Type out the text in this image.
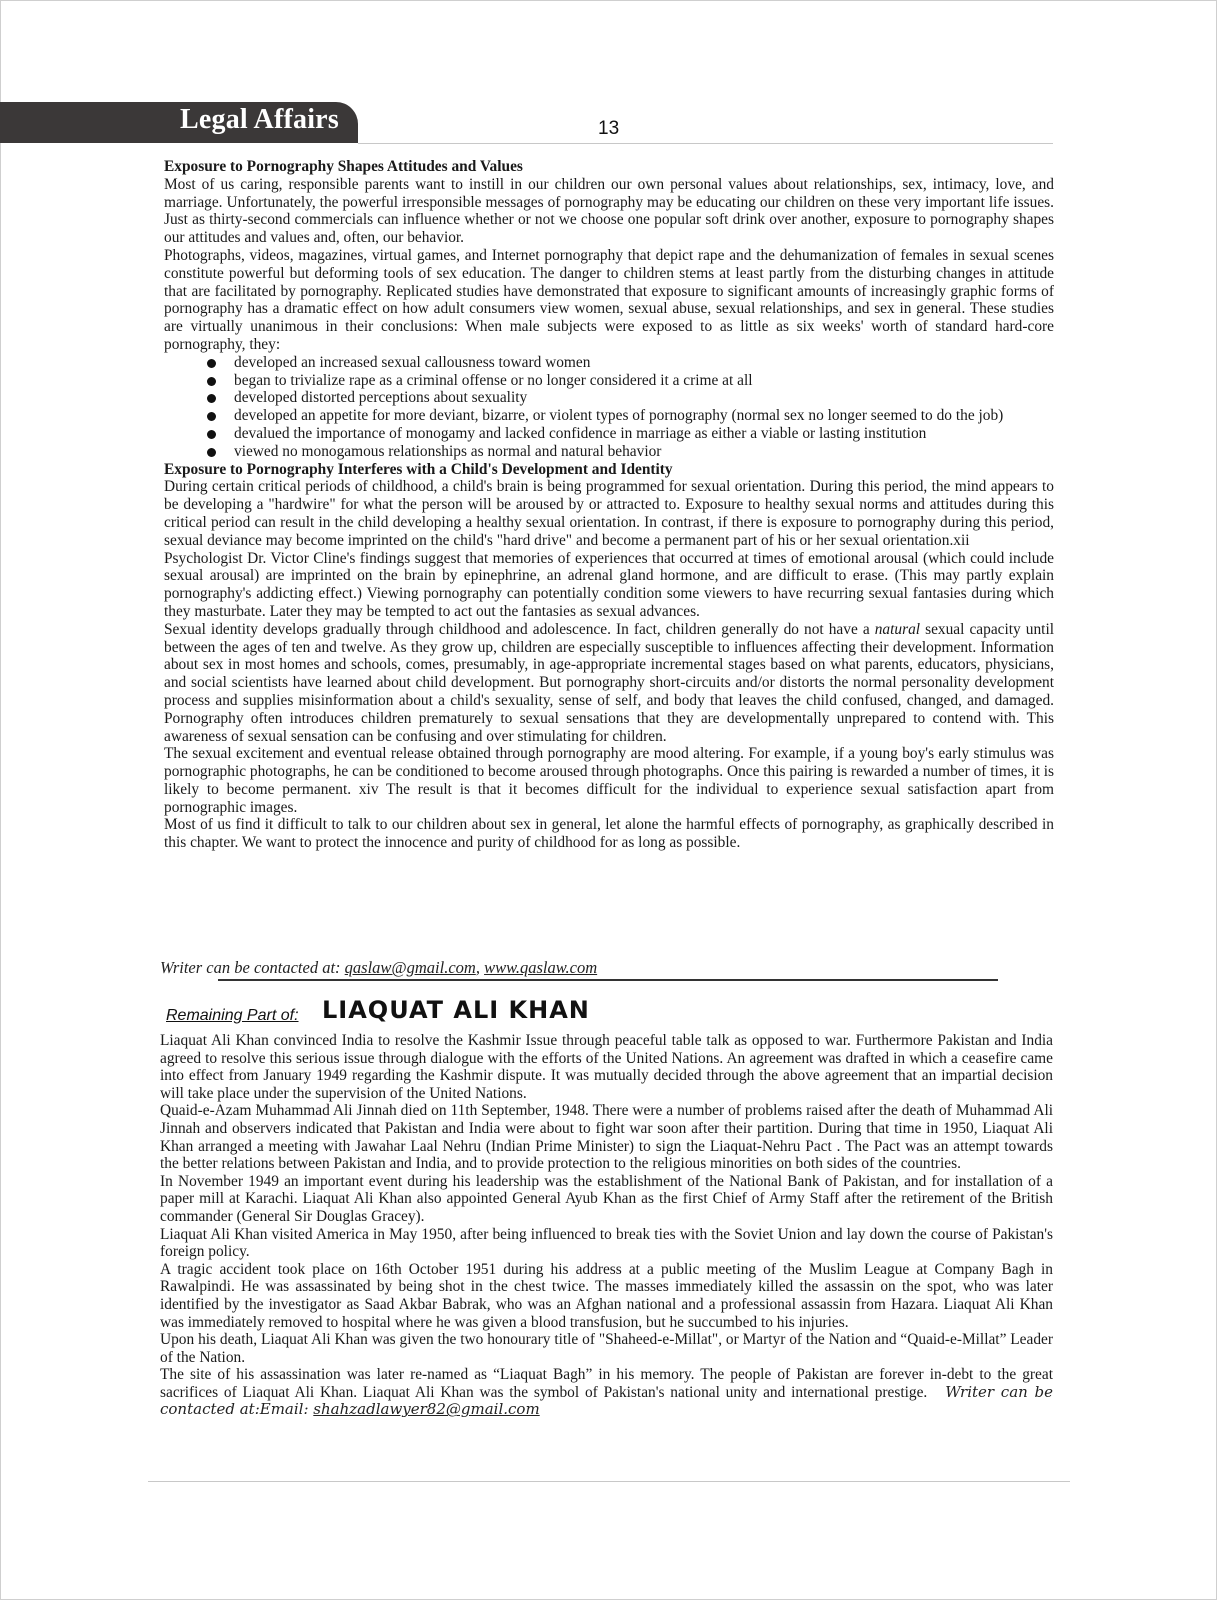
Legal Affairs	13

Exposure to Pornography Shapes Attitudes and Values

Most of us caring, responsible parents want to instill in our children our own personal values about relationships, sex, intimacy, love, and marriage. Unfortunately, the powerful irresponsible messages of pornography may be educating our children on these very important life issues. Just as thirty-second commercials can influence whether or not we choose one popular soft drink over another, exposure to pornography shapes our attitudes and values and, often, our behavior.

Photographs, videos, magazines, virtual games, and Internet pornography that depict rape and the dehumanization of females in sexual scenes constitute powerful but deforming tools of sex education. The danger to children stems at least partly from the disturbing changes in attitude that are facilitated by pornography. Replicated studies have demonstrated that exposure to significant amounts of increasingly graphic forms of pornography has a dramatic effect on how adult consumers view women, sexual abuse, sexual relationships, and sex in general. These studies are virtually unanimous in their conclusions: When male subjects were exposed to as little as six weeks' worth of standard hard-core pornography, they:

developed an increased sexual callousness toward women
began to trivialize rape as a criminal offense or no longer considered it a crime at all
developed distorted perceptions about sexuality
developed an appetite for more deviant, bizarre, or violent types of pornography (normal sex no longer seemed to do the job)
devalued the importance of monogamy and lacked confidence in marriage as either a viable or lasting institution
viewed no monogamous relationships as normal and natural behavior

Exposure to Pornography Interferes with a Child's Development and Identity

During certain critical periods of childhood, a child's brain is being programmed for sexual orientation. During this period, the mind appears to be developing a "hardwire" for what the person will be aroused by or attracted to. Exposure to healthy sexual norms and attitudes during this critical period can result in the child developing a healthy sexual orientation. In contrast, if there is exposure to pornography during this period, sexual deviance may become imprinted on the child's "hard drive" and become a permanent part of his or her sexual orientation.xii

Psychologist Dr. Victor Cline's findings suggest that memories of experiences that occurred at times of emotional arousal (which could include sexual arousal) are imprinted on the brain by epinephrine, an adrenal gland hormone, and are difficult to erase. (This may partly explain pornography's addicting effect.) Viewing pornography can potentially condition some viewers to have recurring sexual fantasies during which they masturbate. Later they may be tempted to act out the fantasies as sexual advances.

Sexual identity develops gradually through childhood and adolescence. In fact, children generally do not have a natural sexual capacity until between the ages of ten and twelve. As they grow up, children are especially susceptible to influences affecting their development. Information about sex in most homes and schools, comes, presumably, in age-appropriate incremental stages based on what parents, educators, physicians, and social scientists have learned about child development. But pornography short-circuits and/or distorts the normal personality development process and supplies misinformation about a child's sexuality, sense of self, and body that leaves the child confused, changed, and damaged. Pornography often introduces children prematurely to sexual sensations that they are developmentally unprepared to contend with. This awareness of sexual sensation can be confusing and over stimulating for children.

The sexual excitement and eventual release obtained through pornography are mood altering. For example, if a young boy's early stimulus was pornographic photographs, he can be conditioned to become aroused through photographs. Once this pairing is rewarded a number of times, it is likely to become permanent. xiv The result is that it becomes difficult for the individual to experience sexual satisfaction apart from pornographic images.

Most of us find it difficult to talk to our children about sex in general, let alone the harmful effects of pornography, as graphically described in this chapter. We want to protect the innocence and purity of childhood for as long as possible.

Writer can be contacted at: qaslaw@gmail.com, www.qaslaw.com
Remaining Part of: LIAQUAT ALI KHAN

Liaquat Ali Khan convinced India to resolve the Kashmir Issue through peaceful table talk as opposed to war. Furthermore Pakistan and India agreed to resolve this serious issue through dialogue with the efforts of the United Nations. An agreement was drafted in which a ceasefire came into effect from January 1949 regarding the Kashmir dispute. It was mutually decided through the above agreement that an impartial decision will take place under the supervision of the United Nations.

Quaid-e-Azam Muhammad Ali Jinnah died on 11th September, 1948. There were a number of problems raised after the death of Muhammad Ali Jinnah and observers indicated that Pakistan and India were about to fight war soon after their partition. During that time in 1950, Liaquat Ali Khan arranged a meeting with Jawahar Laal Nehru (Indian Prime Minister) to sign the Liaquat-Nehru Pact . The Pact was an attempt towards the better relations between Pakistan and India, and to provide protection to the religious minorities on both sides of the countries.

In November 1949 an important event during his leadership was the establishment of the National Bank of Pakistan, and for installation of a paper mill at Karachi. Liaquat Ali Khan also appointed General Ayub Khan as the first Chief of Army Staff after the retirement of the British commander (General Sir Douglas Gracey).

Liaquat Ali Khan visited America in May 1950, after being influenced to break ties with the Soviet Union and lay down the course of Pakistan's foreign policy.

A tragic accident took place on 16th October 1951 during his address at a public meeting of the Muslim League at Company Bagh in Rawalpindi. He was assassinated by being shot in the chest twice. The masses immediately killed the assassin on the spot, who was later identified by the investigator as Saad Akbar Babrak, who was an Afghan national and a professional assassin from Hazara. Liaquat Ali Khan was immediately removed to hospital where he was given a blood transfusion, but he succumbed to his injuries.

Upon his death, Liaquat Ali Khan was given the two honourary title of "Shaheed-e-Millat", or Martyr of the Nation and “Quaid-e-Millat” Leader of the Nation.

The site of his assassination was later re-named as “Liaquat Bagh” in his memory. The people of Pakistan are forever in-debt to the great sacrifices of Liaquat Ali Khan. Liaquat Ali Khan was the symbol of Pakistan's national unity and international prestige. Writer can be contacted at:Email: shahzadlawyer82@gmail.com
